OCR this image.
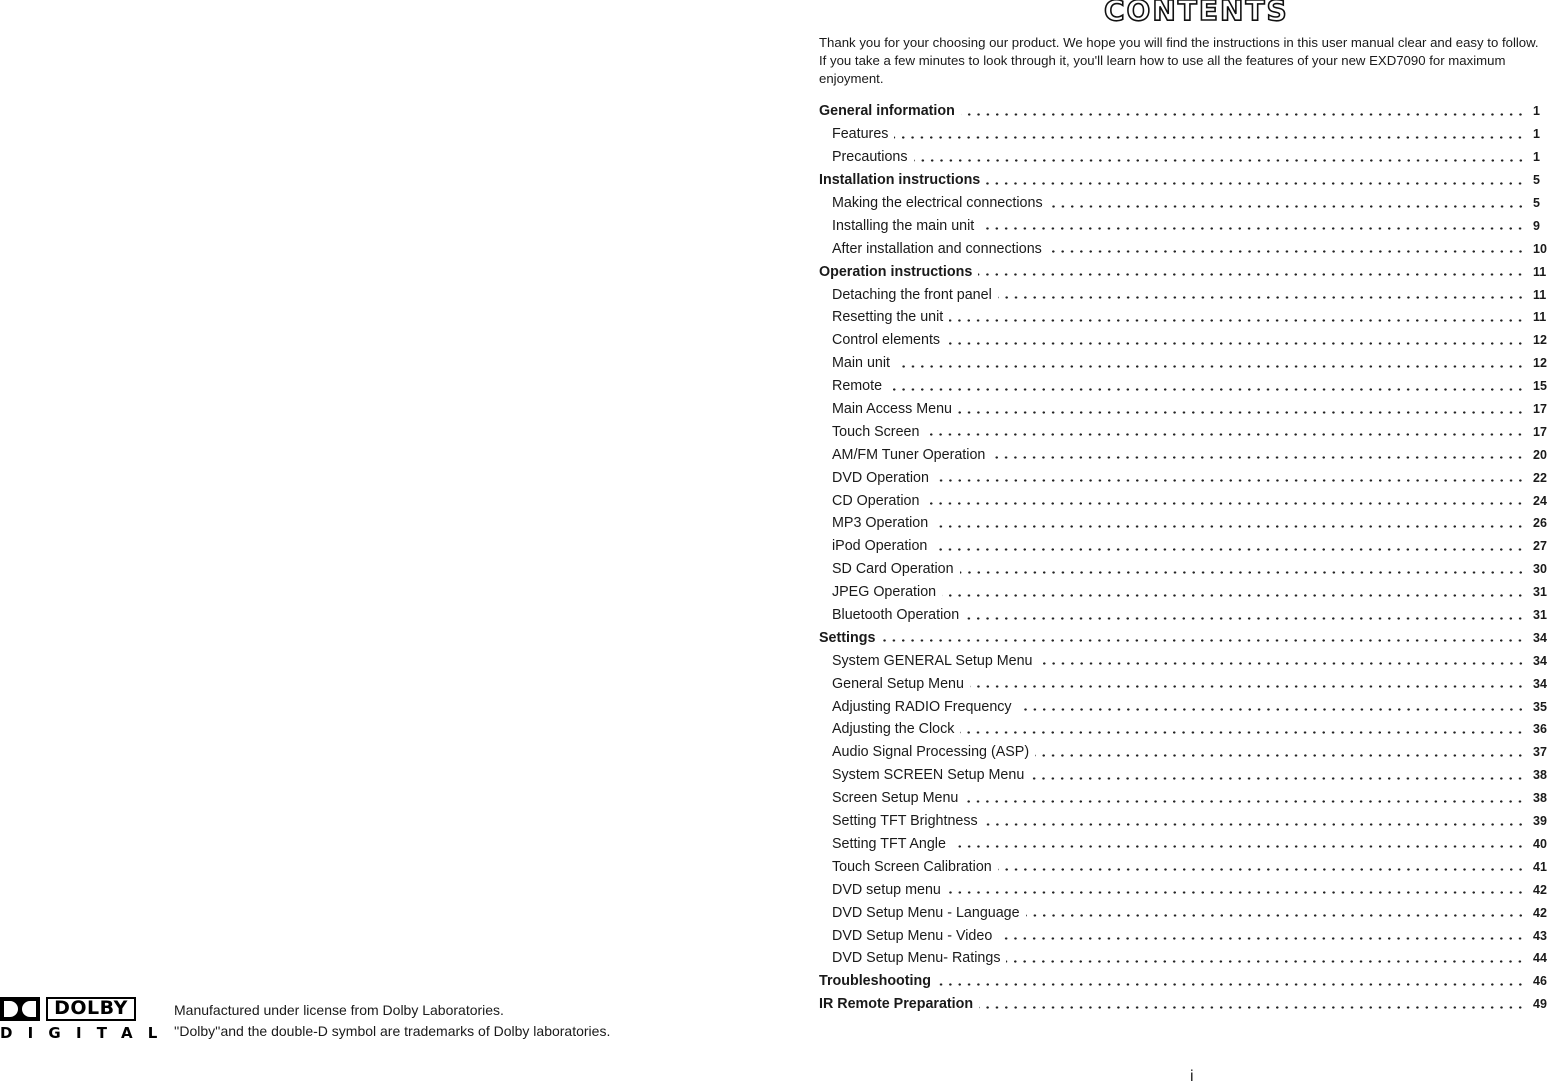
CONTENTS
Thank you for your choosing our product. We hope you will find the instructions in this user manual clear and easy to follow. If you take a few minutes to look through it, you'll learn how to use all the features of your new EXD7090 for maximum enjoyment.
General information	1
Features	1
Precautions	1
Installation instructions	5
Making the electrical connections	5
Installing the main unit	9
After installation and connections	10
Operation instructions	11
Detaching the front panel	11
Resetting the unit	11
Control elements	12
Main unit	12
Remote	15
Main Access Menu	17
Touch Screen	17
AM/FM Tuner Operation	20
DVD Operation	22
CD Operation	24
MP3 Operation	26
iPod Operation	27
SD Card Operation	30
JPEG Operation	31
Bluetooth Operation	31
Settings	34
System GENERAL Setup Menu	34
General Setup Menu	34
Adjusting RADIO Frequency	35
Adjusting the Clock	36
Audio Signal Processing (ASP)	37
System SCREEN Setup Menu	38
Screen Setup Menu	38
Setting TFT Brightness	39
Setting TFT Angle	40
Touch Screen Calibration	41
DVD setup menu	42
DVD Setup Menu - Language	42
DVD Setup Menu - Video	43
DVD Setup Menu- Ratings	44
Troubleshooting	46
IR Remote Preparation	49
DOLBY
DIGITAL

Manufactured under license from Dolby Laboratories.

''Dolby''and the double-D symbol are trademarks of Dolby laboratories.

i
